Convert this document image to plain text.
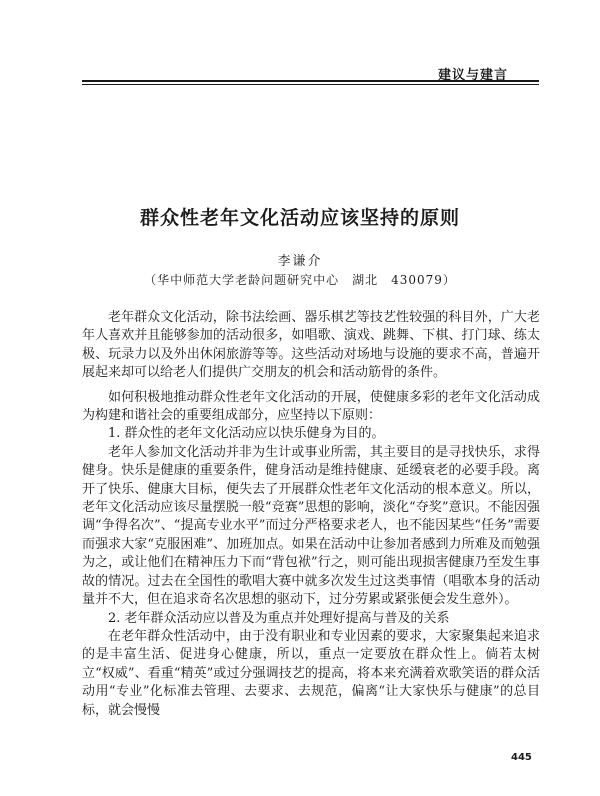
建议与建言
群众性老年文化活动应该坚持的原则
李谦介
（华中师范大学老龄问题研究中心　湖北　430079）

老年群众文化活动，除书法绘画、器乐棋艺等技艺性较强的科目外，广大老年人喜欢并且能够参加的活动很多，如唱歌、演戏、跳舞、下棋、打门球、练太极、玩录力以及外出休闲旅游等等。这些活动对场地与设施的要求不高，普遍开展起来却可以给老人们提供广交朋友的机会和活动筋骨的条件。

如何积极地推动群众性老年文化活动的开展，使健康多彩的老年文化活动成为构建和谐社会的重要组成部分，应坚持以下原则：

1. 群众性的老年文化活动应以快乐健身为目的。

老年人参加文化活动并非为生计或事业所需，其主要目的是寻找快乐，求得健身。快乐是健康的重要条件，健身活动是维持健康、延缓衰老的必要手段。离开了快乐、健康大目标，便失去了开展群众性老年文化活动的根本意义。所以，老年文化活动应该尽量摆脱一般“竞赛”思想的影响，淡化“夺奖”意识。不能因强调“争得名次”、“提高专业水平”而过分严格要求老人，也不能因某些“任务”需要而强求大家“克服困难”、加班加点。如果在活动中让参加者感到力所难及而勉强为之，或让他们在精神压力下而“背包袱”行之，则可能出现损害健康乃至发生事故的情况。过去在全国性的歌唱大赛中就多次发生过这类事情（唱歌本身的活动量并不大，但在追求奇名次思想的驱动下，过分劳累或紧张便会发生意外）。

2. 老年群众活动应以普及为重点并处理好提高与普及的关系

在老年群众性活动中，由于没有职业和专业因素的要求，大家聚集起来追求的是丰富生活、促进身心健康，所以，重点一定要放在群众性上。倘若太树立“权威”、看重“精英”或过分强调技艺的提高，将本来充满着欢歌笑语的群众活动用“专业”化标准去管理、去要求、去规范，偏离“让大家快乐与健康”的总目标，就会慢慢

445
